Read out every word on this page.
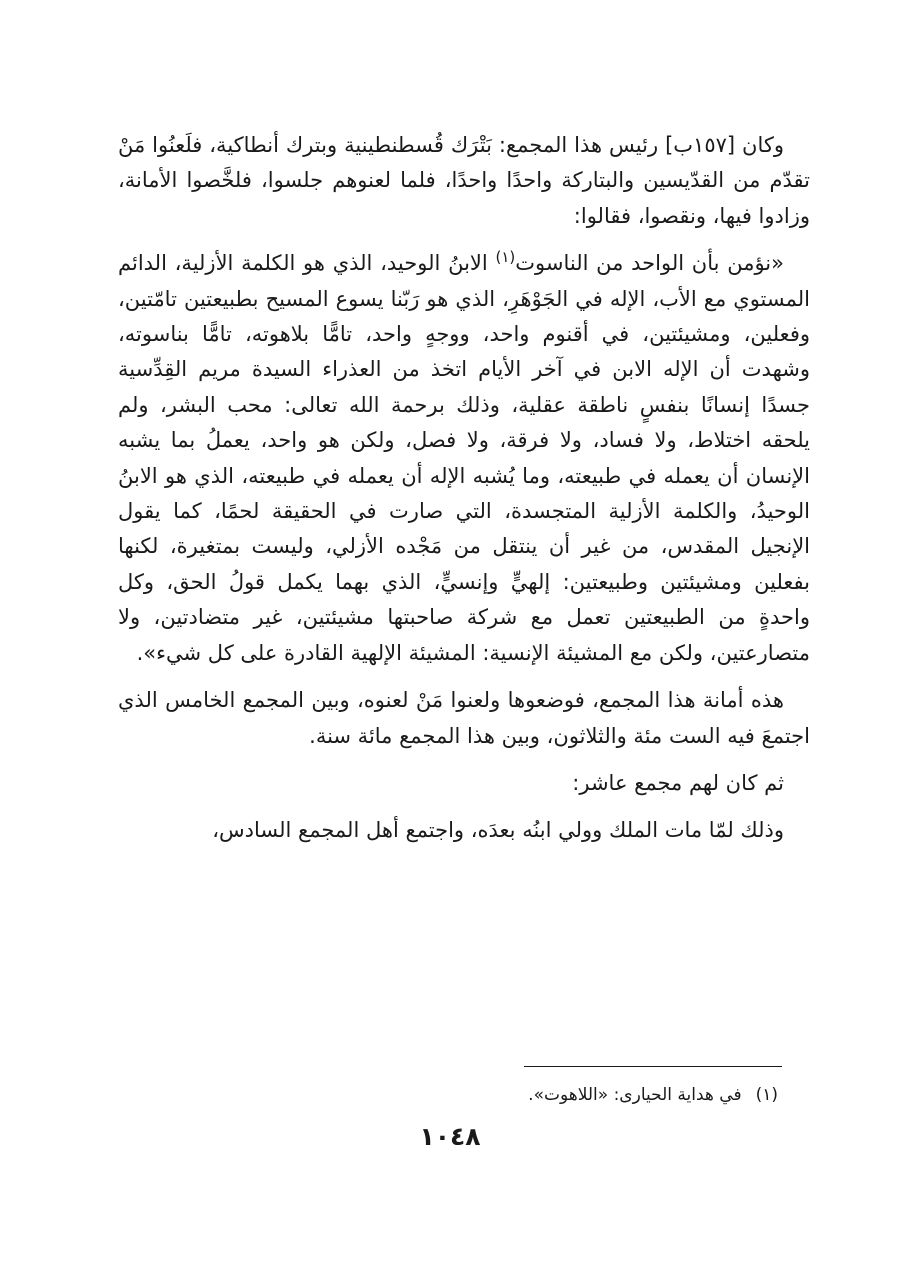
وكان [١٥٧ب] رئيس هذا المجمع: بَتْرَك قُسطنطينية وبترك أنطاكية، فلَعنُوا مَنْ تقدّم من القدّيسين والبتاركة واحدًا واحدًا، فلما لعنوهم جلسوا، فلخَّصوا الأمانة، وزادوا فيها، ونقصوا، فقالوا:

«نؤمن بأن الواحد من الناسوت$^{(١)}$ الابنُ الوحيد، الذي هو الكلمة الأزلية، الدائم المستوي مع الأب، الإله في الجَوْهَرِ، الذي هو رَبّنا يسوع المسيح بطبيعتين تامّتين، وفعلين، ومشيئتين، في أقنوم واحد، ووجهٍ واحد، تامًّا بلاهوته، تامًّا بناسوته، وشهدت أن الإله الابن في آخر الأيام اتخذ من العذراء السيدة مريم القِدِّسية جسدًا إنسانًا بنفسٍ ناطقة عقلية، وذلك برحمة الله تعالى: محب البشر، ولم يلحقه اختلاط، ولا فساد، ولا فرقة، ولا فصل، ولكن هو واحد، يعملُ بما يشبه الإنسان أن يعمله في طبيعته، وما يُشبه الإله أن يعمله في طبيعته، الذي هو الابنُ الوحيدُ، والكلمة الأزلية المتجسدة، التي صارت في الحقيقة لحمًا، كما يقول الإنجيل المقدس، من غير أن ينتقل من مَجْده الأزلي، وليست بمتغيرة، لكنها بفعلين ومشيئتين وطبيعتين: إلهيٍّ وإنسيٍّ، الذي بهما يكمل قولُ الحق، وكل واحدةٍ من الطبيعتين تعمل مع شركة صاحبتها مشيئتين، غير متضادتين، ولا متصارعتين، ولكن مع المشيئة الإنسية: المشيئة الإلهية القادرة على كل شيء».

هذه أمانة هذا المجمع، فوضعوها ولعنوا مَنْ لعنوه، وبين المجمع الخامس الذي اجتمعَ فيه الست مئة والثلاثون، وبين هذا المجمع مائة سنة.

ثم كان لهم مجمع عاشر:

وذلك لمّا مات الملك وولي ابنُه بعدَه، واجتمع أهل المجمع السادس،

(١)في هداية الحيارى: «اللاهوت».
١٠٤٨
